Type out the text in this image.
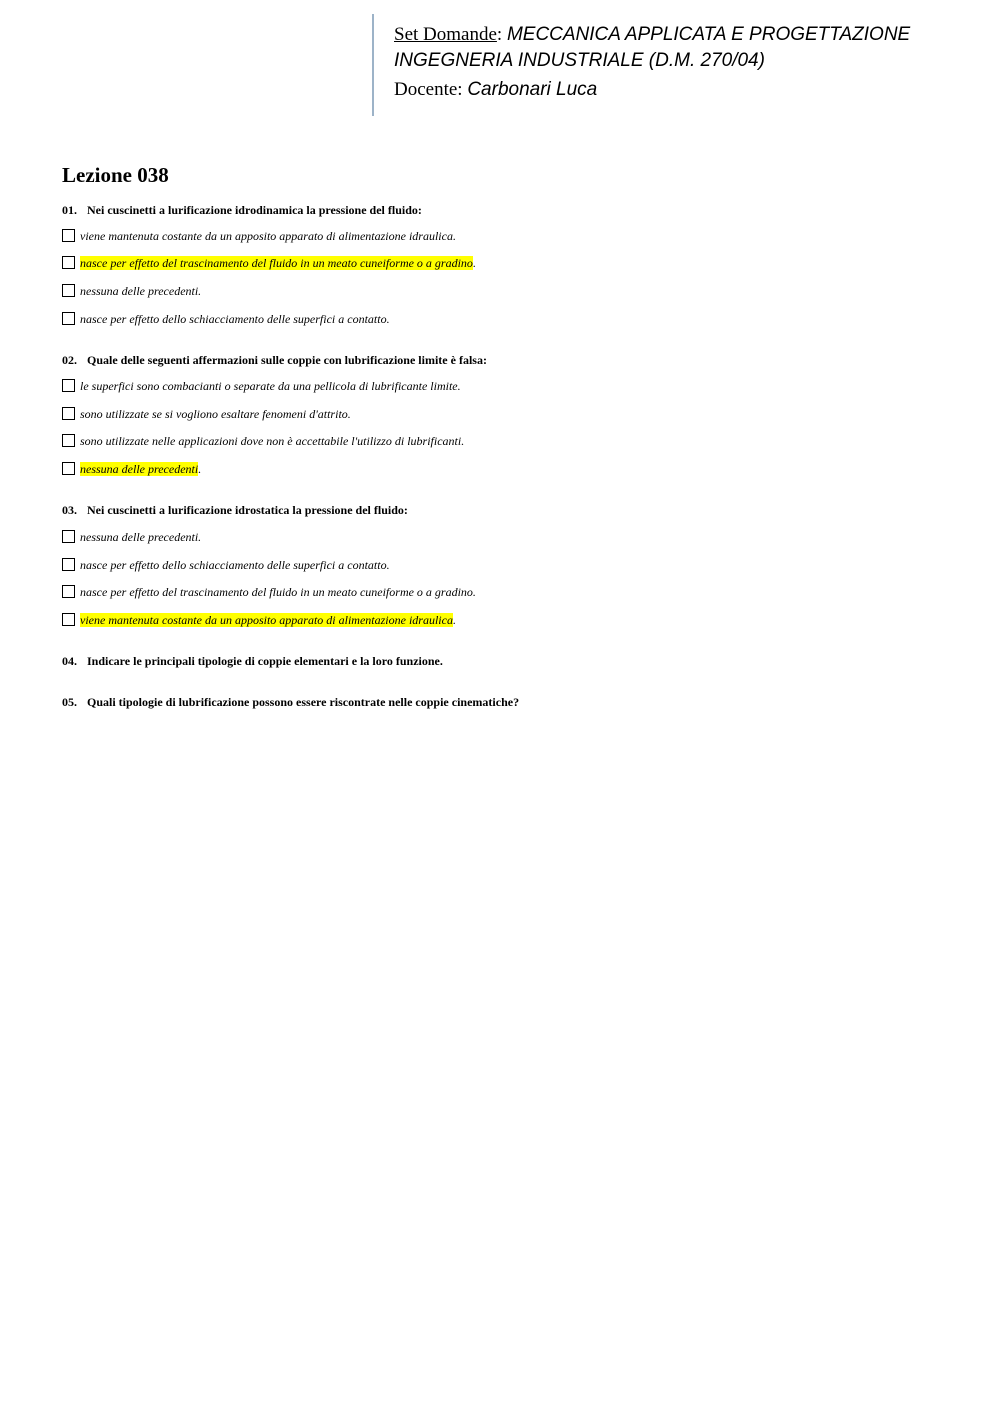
Set Domande: MECCANICA APPLICATA E PROGETTAZIONE
INGEGNERIA INDUSTRIALE (D.M. 270/04)
Docente: Carbonari Luca
Lezione 038
01. Nei cuscinetti a lurificazione idrodinamica la pressione del fluido:
viene mantenuta costante da un apposito apparato di alimentazione idraulica.
nasce per effetto del trascinamento del fluido in un meato cuneiforme o a gradino.
nessuna delle precedenti.
nasce per effetto dello schiacciamento delle superfici a contatto.
02. Quale delle seguenti affermazioni sulle coppie con lubrificazione limite è falsa:
le superfici sono combacianti o separate da una pellicola di lubrificante limite.
sono utilizzate se si vogliono esaltare fenomeni d'attrito.
sono utilizzate nelle applicazioni dove non è accettabile l'utilizzo di lubrificanti.
nessuna delle precedenti.
03. Nei cuscinetti a lurificazione idrostatica la pressione del fluido:
nessuna delle precedenti.
nasce per effetto dello schiacciamento delle superfici a contatto.
nasce per effetto del trascinamento del fluido in un meato cuneiforme o a gradino.
viene mantenuta costante da un apposito apparato di alimentazione idraulica.
04. Indicare le principali tipologie di coppie elementari e la loro funzione.
05. Quali tipologie di lubrificazione possono essere riscontrate nelle coppie cinematiche?
